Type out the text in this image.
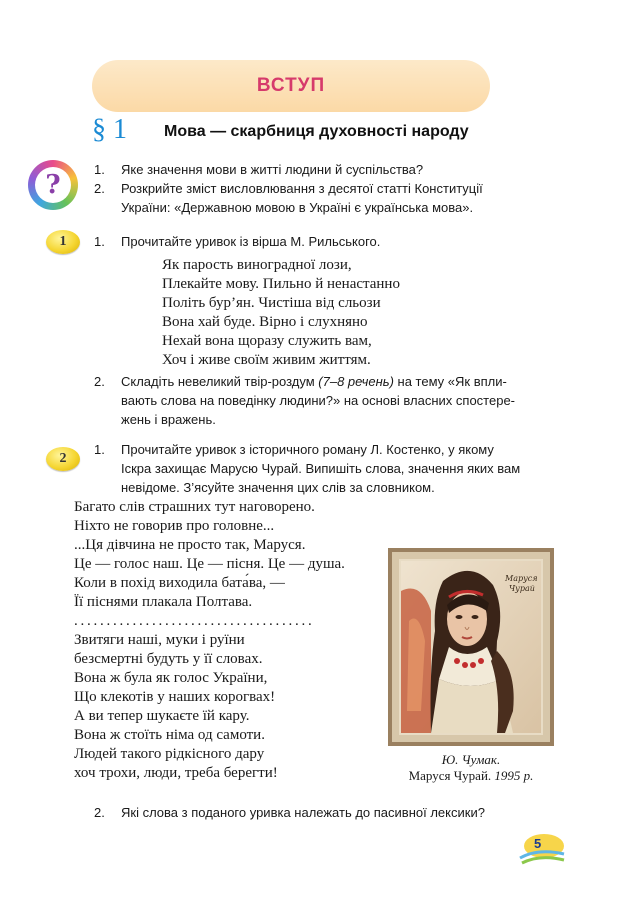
ВСТУП
§ 1 Мова — скарбниця духовності народу
?
1. Яке значення мови в житті людини й суспільства?
2. Розкрийте зміст висловлювання з десятої статті Конституції
України: «Державною мовою в Україні є українська мова».
1	1. Прочитайте уривок із вірша М. Рильського.
Як парость виноградної лози,
Плекайте мову. Пильно й ненастанно
Політь бур’ян. Чистіша від сльози
Вона хай буде. Вірно і слухняно
Нехай вона щоразу служить вам,
Хоч і живе своїм живим життям.
2. Складіть невеликий твір-роздум (7–8 речень) на тему «Як впли-
вають слова на поведінку людини?» на основі власних спостере-
жень і вражень.
2
1. Прочитайте уривок з історичного роману Л. Костенко, у якому
Іскра захищає Марусю Чурай. Випишіть слова, значення яких вам
невідоме. З’ясуйте значення цих слів за словником.
Багато слів страшних тут наговорено.
Ніхто не говорив про головне...
...Ця дівчина не просто так, Маруся.
Це — голос наш. Це — пісня. Це — душа.
Коли в похід виходила бата́ва, —
Її піснями плакала Полтава.
. . . . . . . . . . . . . . . . . . . . . . . . . . . . . . . . . . . . .
Звитяги наші, муки і руїни
безсмертні будуть у її словах.
Вона ж була як голос України,
Що клекотів у наших корогвах!
А ви тепер шукаєте їй кару.
Вона ж стоїть німа од самоти.
Людей такого рідкісного дару
хоч трохи, люди, треба берегти!
Маруся
Чурай
Ю. Чумак.
Маруся Чурай. 1995 р.
2. Які слова з поданого уривка належать до пасивної лексики?
5
